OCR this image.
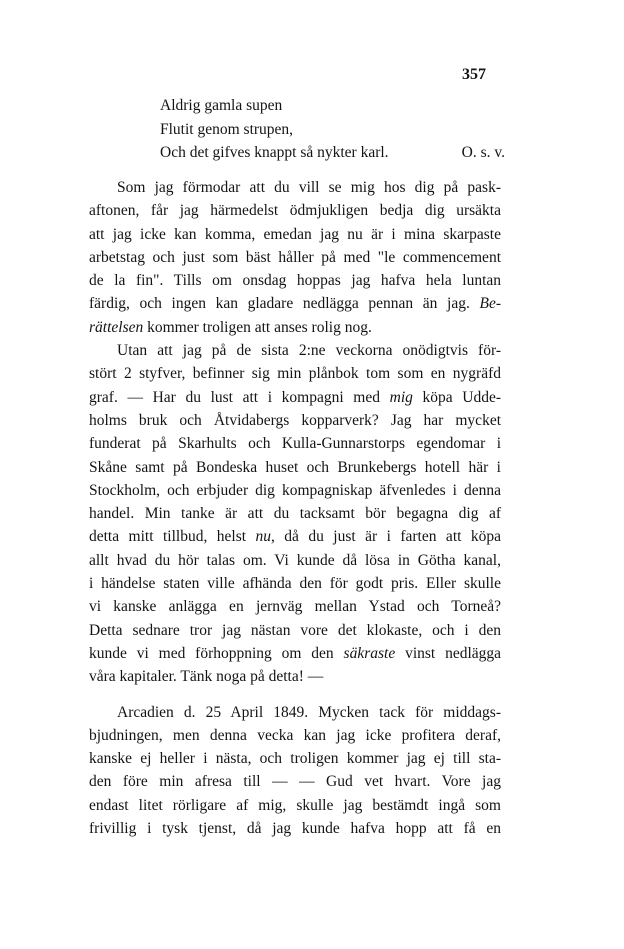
357
Aldrig gamla supen
Flutit genom strupen,
Och det gifves knappt så nykter karl.	O. s. v.
Som jag förmodar att du vill se mig hos dig på pask-
aftonen, får jag härmedelst ödmjukligen bedja dig ursäkta
att jag icke kan komma, emedan jag nu är i mina skarpaste
arbetstag och just som bäst håller på med "le commencement
de la fin". Tills om onsdag hoppas jag hafva hela luntan
färdig, och ingen kan gladare nedlägga pennan än jag. Be-
rättelsen kommer troligen att anses rolig nog.
Utan att jag på de sista 2:ne veckorna onödigtvis för-
stört 2 styfver, befinner sig min plånbok tom som en nygräfd
graf. — Har du lust att i kompagni med mig köpa Udde-
holms bruk och Åtvidabergs kopparverk? Jag har mycket
funderat på Skarhults och Kulla-Gunnarstorps egendomar i
Skåne samt på Bondeska huset och Brunkebergs hotell här i
Stockholm, och erbjuder dig kompagniskap äfvenledes i denna
handel. Min tanke är att du tacksamt bör begagna dig af
detta mitt tillbud, helst nu, då du just är i farten att köpa
allt hvad du hör talas om. Vi kunde då lösa in Götha kanal,
i händelse staten ville afhända den för godt pris. Eller skulle
vi kanske anlägga en jernväg mellan Ystad och Torneå?
Detta sednare tror jag nästan vore det klokaste, och i den
kunde vi med förhoppning om den säkraste vinst nedlägga
våra kapitaler. Tänk noga på detta! —
Arcadien d. 25 April 1849. Mycken tack för middags-
bjudningen, men denna vecka kan jag icke profitera deraf,
kanske ej heller i nästa, och troligen kommer jag ej till sta-
den före min afresa till — — Gud vet hvart. Vore jag
endast litet rörligare af mig, skulle jag bestämdt ingå som
frivillig i tysk tjenst, då jag kunde hafva hopp att få en
